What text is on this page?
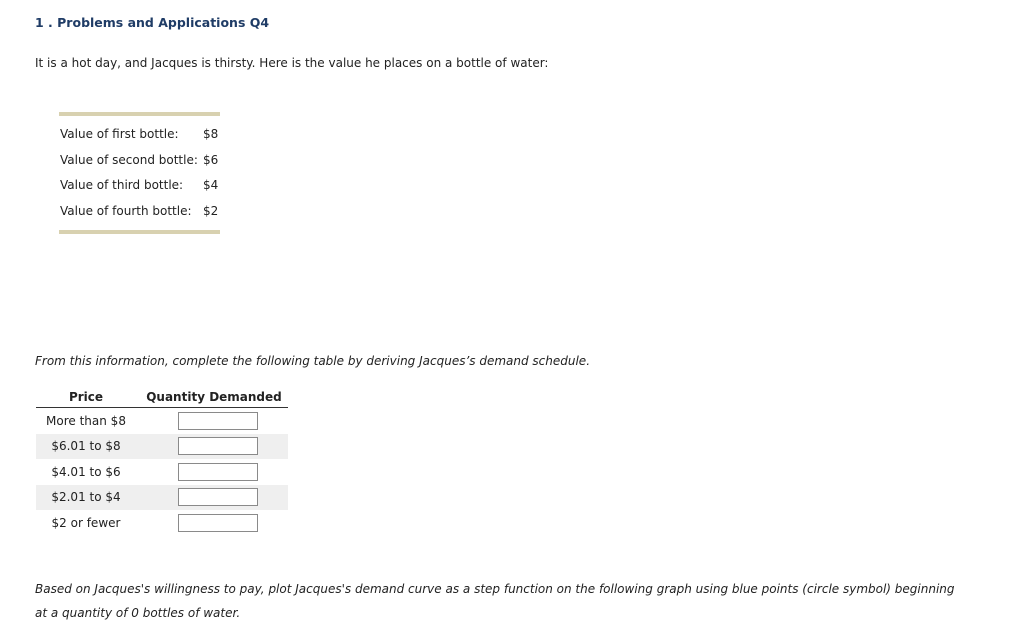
1 . Problems and Applications Q4
It is a hot day, and Jacques is thirsty. Here is the value he places on a bottle of water:
Value of first bottle:	$8
Value of second bottle: $6
Value of third bottle:	$4
Value of fourth bottle: $2
From this information, complete the following table by deriving Jacques’s demand schedule.
Price	Quantity Demanded
More than $8
$6.01 to $8
$4.01 to $6
$2.01 to $4
$2 or fewer
Based on Jacques's willingness to pay, plot Jacques's demand curve as a step function on the following graph using blue points (circle symbol) beginning at a quantity of 0 bottles of water.
